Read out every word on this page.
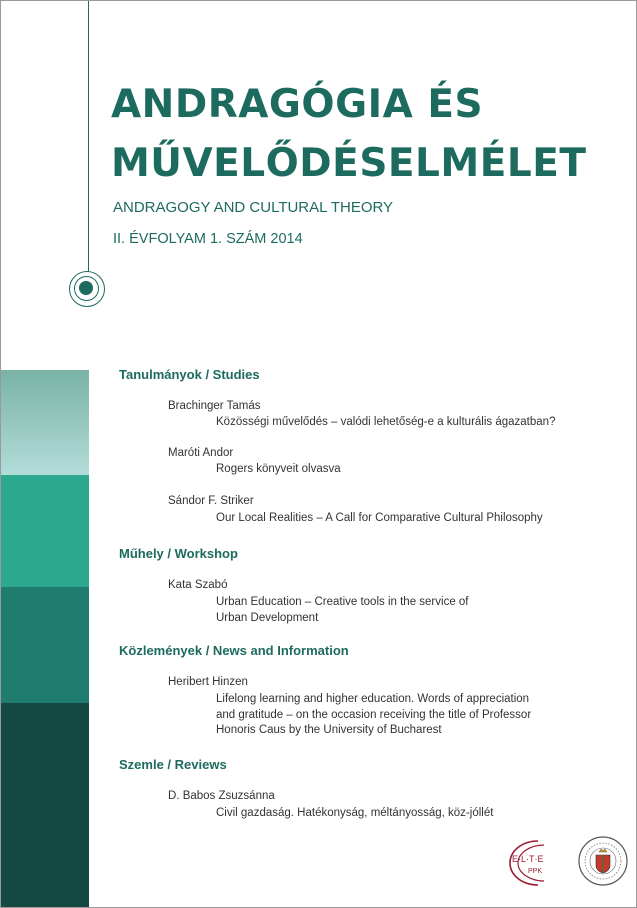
ANDRAGÓGIA ÉS
MŰVELŐDÉSELMÉLET

ANDRAGOGY AND CULTURAL THEORY

II. ÉVFOLYAM 1. SZÁM 2014

Tanulmányok / Studies
Brachinger Tamás
Közösségi művelődés – valódi lehetőség-e a kulturális ágazatban?
Maróti Andor
Rogers könyveit olvasva
Sándor F. Striker
Our Local Realities – A Call for Comparative Cultural Philosophy
Műhely / Workshop
Kata Szabó
Urban Education – Creative tools in the service of
Urban Development
Közlemények / News and Information
Heribert Hinzen
Lifelong learning and higher education. Words of appreciation
and gratitude – on the occasion receiving the title of Professor
Honoris Caus by the University of Bucharest
Szemle / Reviews
D. Babos Zsuzsánna
Civil gazdaság. Hatékonyság, méltányosság, köz-jóllét
E·L·T·E
PPK
